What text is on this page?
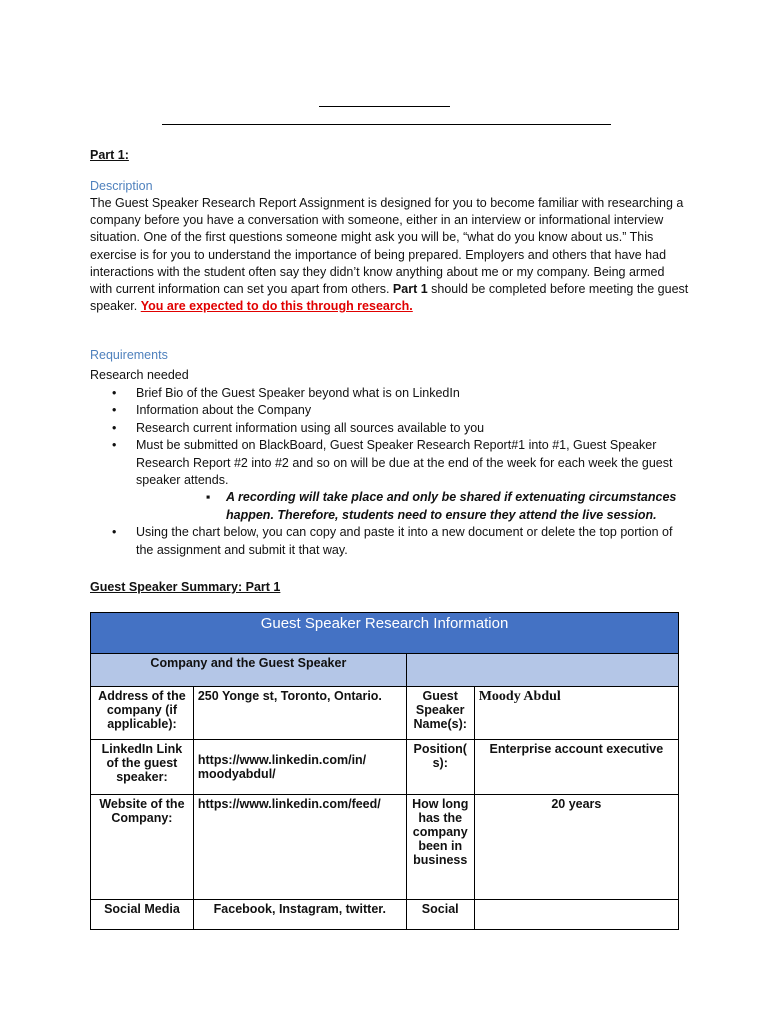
Part 1:
Description

The Guest Speaker Research Report Assignment is designed for you to become familiar with researching a company before you have a conversation with someone, either in an interview or informational interview situation. One of the first questions someone might ask you will be, “what do you know about us.” This exercise is for you to understand the importance of being prepared. Employers and others that have had interactions with the student often say they didn’t know anything about me or my company. Being armed with current information can set you apart from others. Part 1 should be completed before meeting the guest speaker. You are expected to do this through research.

Requirements
Research needed
• Brief Bio of the Guest Speaker beyond what is on LinkedIn
• Information about the Company
• Research current information using all sources available to you
• Must be submitted on BlackBoard, Guest Speaker Research Report#1 into #1, Guest Speaker Research Report #2 into #2 and so on will be due at the end of the week for each week the guest speaker attends.
▪ A recording will take place and only be shared if extenuating circumstances happen. Therefore, students need to ensure they attend the live session.
• Using the chart below, you can copy and paste it into a new document or delete the top portion of the assignment and submit it that way.
Guest Speaker Summary: Part 1
Guest Speaker Research Information			
Company and the Guest Speaker			
Address of the company (if applicable):	250 Yonge st, Toronto, Ontario.	Guest Speaker Name(s):	Moody Abdul
LinkedIn Link of the guest speaker:	https://www.linkedin.com/in/ moodyabdul/	Position( s):	Enterprise account executive
Website of the Company:	https://www.linkedin.com/feed/	How long has the company been in business	20 years
Social Media	Facebook, Instagram, twitter.	Social	
